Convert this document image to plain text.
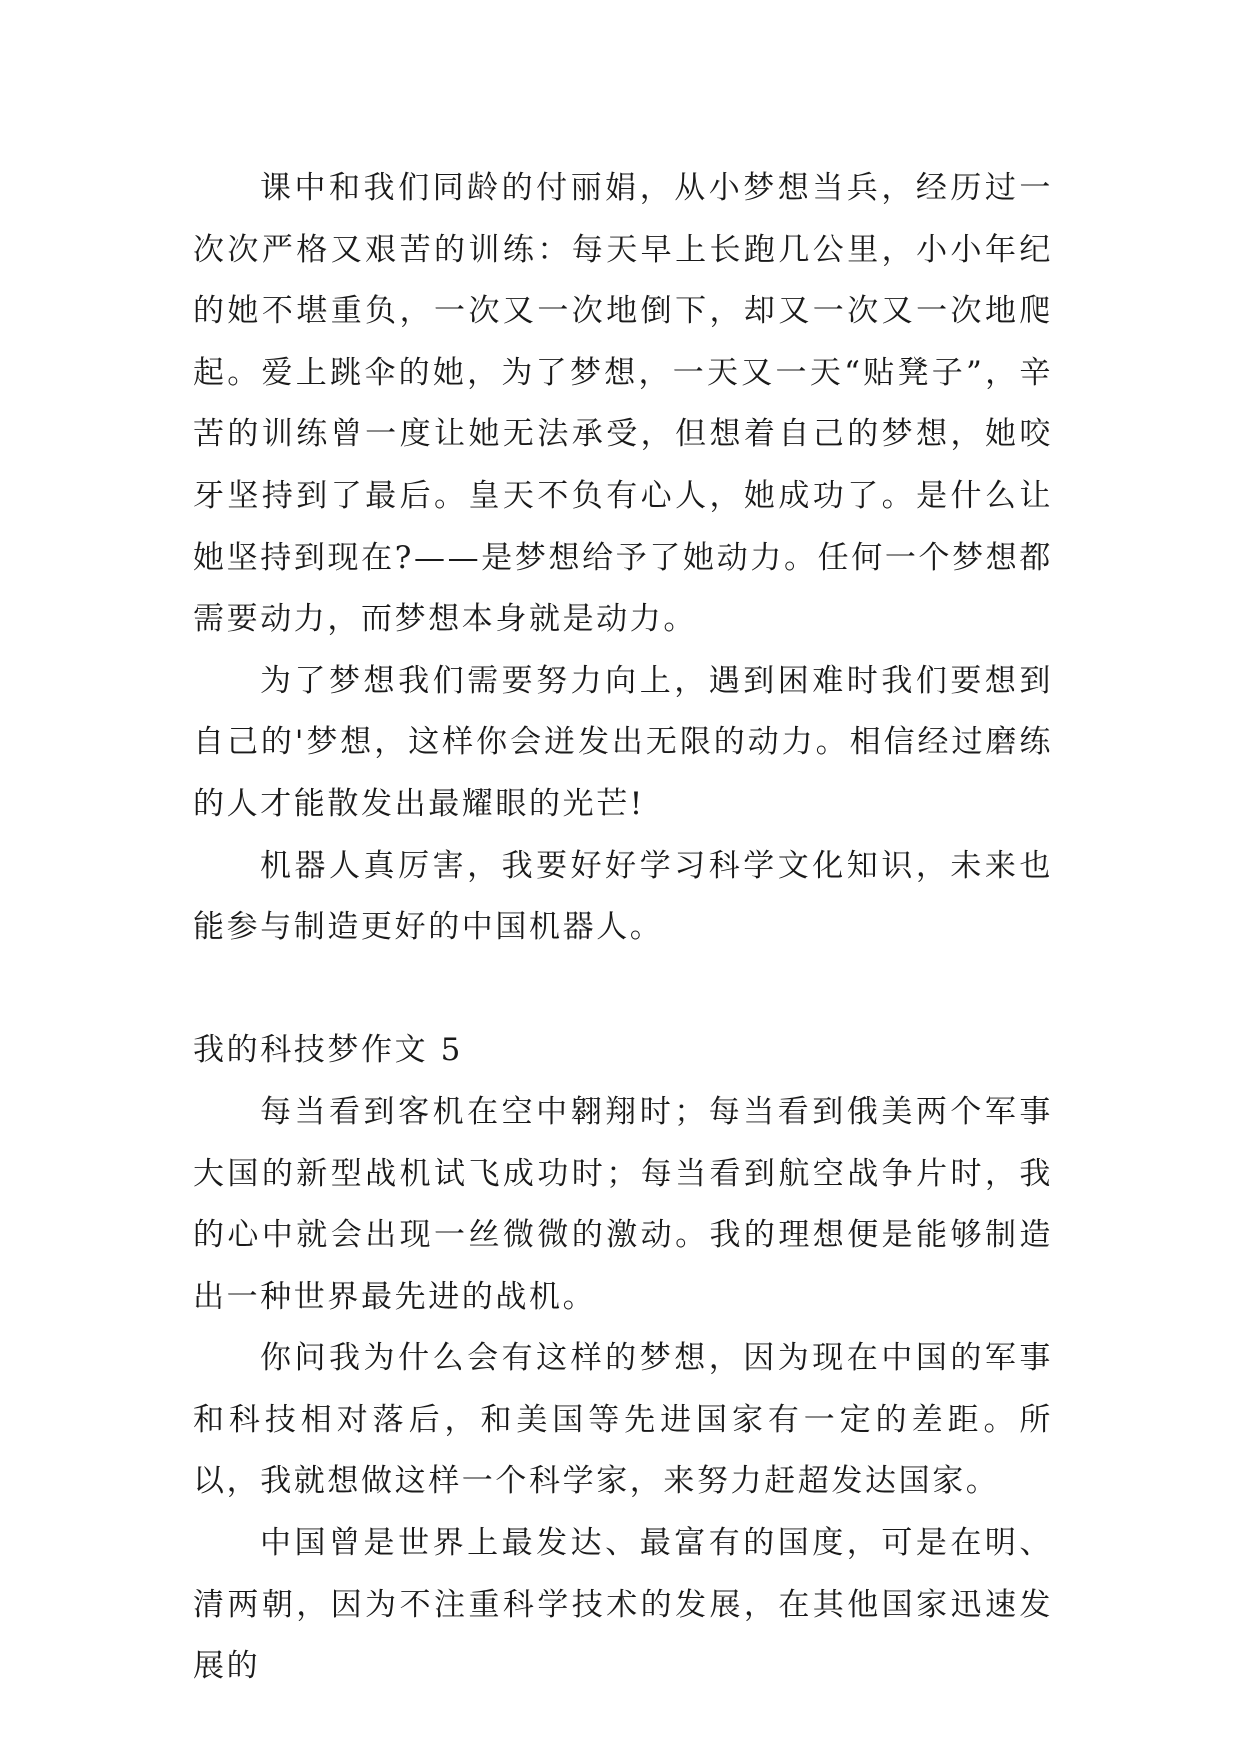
课中和我们同龄的付丽娟，从小梦想当兵，经历过一次次严格又艰苦的训练：每天早上长跑几公里，小小年纪的她不堪重负，一次又一次地倒下，却又一次又一次地爬起。爱上跳伞的她，为了梦想，一天又一天“贴凳子”，辛苦的训练曾一度让她无法承受，但想着自己的梦想，她咬牙坚持到了最后。皇天不负有心人，她成功了。是什么让她坚持到现在?——是梦想给予了她动力。任何一个梦想都需要动力，而梦想本身就是动力。

为了梦想我们需要努力向上，遇到困难时我们要想到自己的'梦想，这样你会迸发出无限的动力。相信经过磨练的人才能散发出最耀眼的光芒!

机器人真厉害，我要好好学习科学文化知识，未来也能参与制造更好的中国机器人。

我的科技梦作文 5

每当看到客机在空中翱翔时；每当看到俄美两个军事大国的新型战机试飞成功时；每当看到航空战争片时，我的心中就会出现一丝微微的激动。我的理想便是能够制造出一种世界最先进的战机。

你问我为什么会有这样的梦想，因为现在中国的军事和科技相对落后，和美国等先进国家有一定的差距。所以，我就想做这样一个科学家，来努力赶超发达国家。

中国曾是世界上最发达、最富有的国度，可是在明、清两朝，因为不注重科学技术的发展，在其他国家迅速发展的
